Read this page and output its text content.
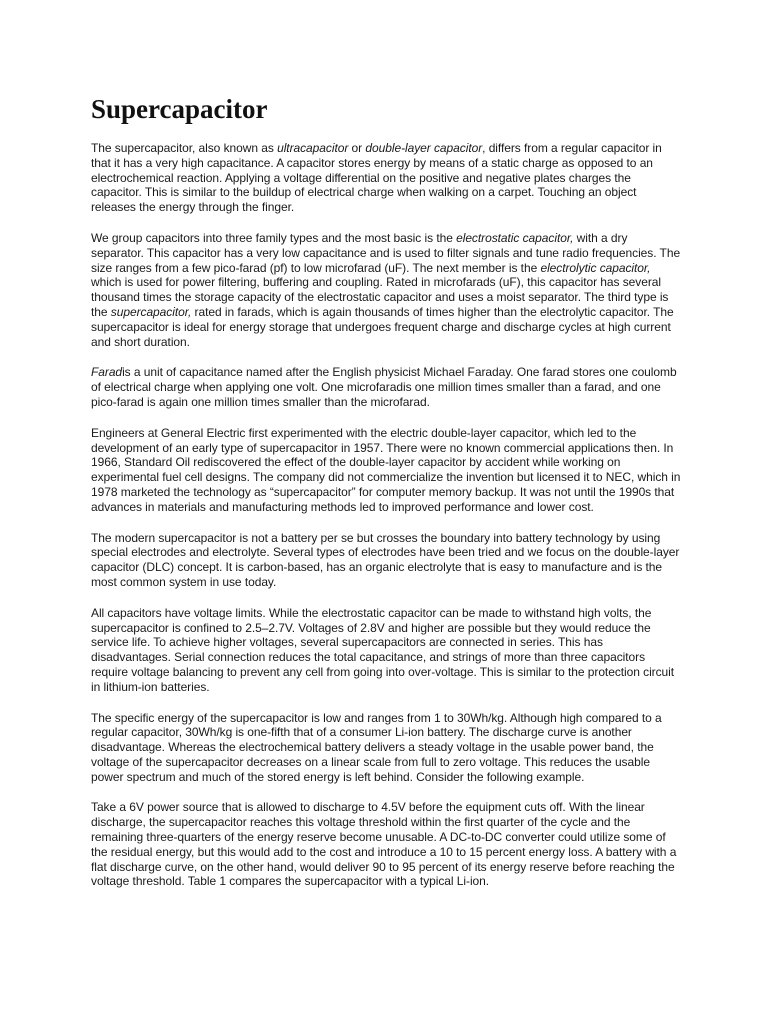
Supercapacitor

The supercapacitor, also known as ultracapacitor or double-layer capacitor, differs from a regular capacitor in that it has a very high capacitance. A capacitor stores energy by means of a static charge as opposed to an electrochemical reaction. Applying a voltage differential on the positive and negative plates charges the capacitor. This is similar to the buildup of electrical charge when walking on a carpet. Touching an object releases the energy through the finger.

We group capacitors into three family types and the most basic is the electrostatic capacitor, with a dry separator. This capacitor has a very low capacitance and is used to filter signals and tune radio frequencies. The size ranges from a few pico-farad (pf) to low microfarad (uF). The next member is the electrolytic capacitor, which is used for power filtering, buffering and coupling. Rated in microfarads (uF), this capacitor has several thousand times the storage capacity of the electrostatic capacitor and uses a moist separator. The third type is the supercapacitor, rated in farads, which is again thousands of times higher than the electrolytic capacitor. The supercapacitor is ideal for energy storage that undergoes frequent charge and discharge cycles at high current and short duration.

Faradis a unit of capacitance named after the English physicist Michael Faraday. One farad stores one coulomb of electrical charge when applying one volt. One microfaradis one million times smaller than a farad, and one pico-farad is again one million times smaller than the microfarad.

Engineers at General Electric first experimented with the electric double-layer capacitor, which led to the development of an early type of supercapacitor in 1957. There were no known commercial applications then. In 1966, Standard Oil rediscovered the effect of the double-layer capacitor by accident while working on experimental fuel cell designs. The company did not commercialize the invention but licensed it to NEC, which in 1978 marketed the technology as “supercapacitor” for computer memory backup. It was not until the 1990s that advances in materials and manufacturing methods led to improved performance and lower cost.

The modern supercapacitor is not a battery per se but crosses the boundary into battery technology by using special electrodes and electrolyte. Several types of electrodes have been tried and we focus on the double-layer capacitor (DLC) concept. It is carbon-based, has an organic electrolyte that is easy to manufacture and is the most common system in use today.

All capacitors have voltage limits. While the electrostatic capacitor can be made to withstand high volts, the supercapacitor is confined to 2.5–2.7V. Voltages of 2.8V and higher are possible but they would reduce the service life. To achieve higher voltages, several supercapacitors are connected in series. This has disadvantages. Serial connection reduces the total capacitance, and strings of more than three capacitors require voltage balancing to prevent any cell from going into over-voltage. This is similar to the protection circuit in lithium-ion batteries.

The specific energy of the supercapacitor is low and ranges from 1 to 30Wh/kg. Although high compared to a regular capacitor, 30Wh/kg is one-fifth that of a consumer Li-ion battery. The discharge curve is another disadvantage. Whereas the electrochemical battery delivers a steady voltage in the usable power band, the voltage of the supercapacitor decreases on a linear scale from full to zero voltage. This reduces the usable power spectrum and much of the stored energy is left behind. Consider the following example.

Take a 6V power source that is allowed to discharge to 4.5V before the equipment cuts off. With the linear discharge, the supercapacitor reaches this voltage threshold within the first quarter of the cycle and the remaining three-quarters of the energy reserve become unusable. A DC-to-DC converter could utilize some of the residual energy, but this would add to the cost and introduce a 10 to 15 percent energy loss. A battery with a flat discharge curve, on the other hand, would deliver 90 to 95 percent of its energy reserve before reaching the voltage threshold. Table 1 compares the supercapacitor with a typical Li-ion.
